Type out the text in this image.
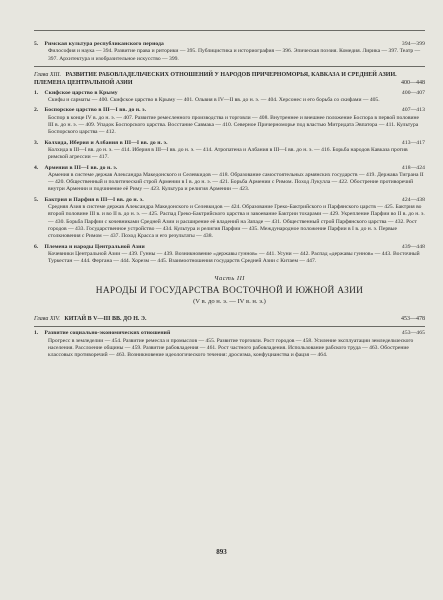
5. Римская культура республиканского периода	394—399
Философия и наука — 394. Развитие права и риторики — 395. Публицистика и историография — 396. Эпическая поэзия. Комедия. Лирика — 397. Театр — 397. Архитектура и изобразительное искусство — 399.
Глава XIII. РАЗВИТИЕ РАБОВЛАДЕЛЬЧЕСКИХ ОТНОШЕНИЙ У НАРОДОВ ПРИЧЕРНОМОРЬЯ, КАВКАЗА И СРЕДНЕЙ АЗИИ. ПЛЕМЕНА ЦЕНТРАЛЬНОЙ АЗИИ	400—448
1. Скифское царство в Крыму	400—407
Скифы и сарматы — 400. Скифское царство в Крыму — 401. Ольвия в IV—II вв. до н. э. — 404. Херсонес и его борьба со скифами — 405.
2. Боспорское царство в III—I вв. до н. э.	407—413
Боспор в конце IV в. до н. э. — 407. Развитие ремесленного производства и торговли — 408. Внутреннее и внешнее положение Боспора в первой половине III в. до н. э. — 409. Упадок Боспорского царства. Восстание Савмака — 410. Северное Причерноморье под властью Митридата Эвпатора — 411. Культура Боспорского царства — 412.
3. Колхида, Иберия и Албания в III—I вв. до н. э.	413—417
Колхида в III—I вв. до н. э. — 414. Иберия в III—I вв. до н. э. — 414. Атропатена и Албания в III—I вв. до н. э. — 416. Борьба народов Кавказа против римской агрессии — 417.
4. Армения в III—I вв. до н. э.	418—424
Армения в системе держав Александра Македонского и Селевкидов — 418. Образование самостоятельных армянских государств — 419. Держава Тиграна II — 420. Общественный и политический строй Армении в I в. до н. э. — 421. Борьба Армении с Римом. Поход Лукулла — 422. Обострение противоречий внутри Армении и подчинение её Риму — 423. Культура и религия Армении — 423.
5. Бактрия и Парфия в III—I вв. до н. э.	424—438
Средняя Азия в системе держав Александра Македонского и Селевкидов — 424. Образование Греко-Бактрийского и Парфянского царств — 425. Бактрия во второй половине III в. и во II в. до н. э. — 425. Распад Греко-Бактрийского царства и завоевание Бактрии тохарами — 429. Укрепление Парфии во II в. до н. э. — 430. Борьба Парфии с кочевниками Средней Азии и расширение её владений на Западе — 431. Общественный строй Парфянского царства — 432. Рост городов — 433. Государственное устройство — 434. Культура и религия Парфии — 435. Международное положение Парфии в I в. до н. э. Первые столкновения с Римом — 437. Поход Красса и его результаты — 438.
6. Племена и народы Центральной Азии	439—448
Кочевники Центральной Азии — 439. Гунны — 439. Возникновение «державы гуннов» — 441. Усуни — 442. Распад «державы гуннов» — 443. Восточный Туркестан — 444. Фергана — 444. Хорезм — 445. Взаимоотношения государств Средней Азии с Китаем — 447.
Часть III
НАРОДЫ И ГОСУДАРСТВА ВОСТОЧНОЙ И ЮЖНОЙ АЗИИ
(V в. до н. э. — IV в. н. э.)
Глава XIV. КИТАЙ В V—III ВВ. ДО Н. Э.	453—478
1. Развитие социально-экономических отношений	453—465
Прогресс в земледелии — 454. Развитие ремесла и промыслов — 455. Развитие торговли. Рост городов — 458. Усиление эксплуатации земледельческого населения. Расслоение общины — 459. Развитие рабовладения — 461. Рост частного рабовладения. Использование рабского труда — 463. Обострение классовых противоречий — 463. Возникновение идеологического течения: дросизма, конфуцианства и фацзя — 464.
893
